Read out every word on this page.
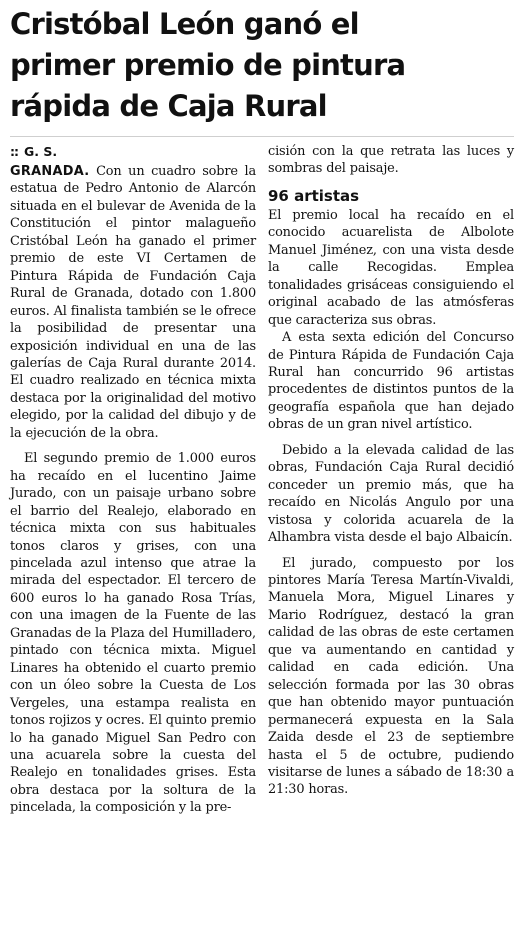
Cristóbal León ganó el
primer premio de pintura
rápida de Caja Rural
:: G. S.

GRANADA. Con un cuadro sobre la estatua de Pedro Antonio de Alarcón situada en el bulevar de Avenida de la Constitución el pintor malagueño Cristóbal León ha ganado el primer premio de este VI Certamen de Pintura Rápida de Fundación Caja Rural de Granada, dotado con 1.800 euros. Al finalista también se le ofrece la posibilidad de presentar una exposición individual en una de las galerías de Caja Rural durante 2014. El cuadro realizado en técnica mixta destaca por la originalidad del motivo elegido, por la calidad del dibujo y de la ejecución de la obra.

El segundo premio de 1.000 euros ha recaído en el lucentino Jaime Jurado, con un paisaje urbano sobre el barrio del Realejo, elaborado en técnica mixta con sus habituales tonos claros y grises, con una pincelada azul intenso que atrae la mirada del espectador. El tercero de 600 euros lo ha ganado Rosa Trías, con una imagen de la Fuente de las Granadas de la Plaza del Humilladero, pintado con técnica mixta. Miguel Linares ha obtenido el cuarto premio con un óleo sobre la Cuesta de Los Vergeles, una estampa realista en tonos rojizos y ocres. El quinto premio lo ha ganado Miguel San Pedro con una acuarela sobre la cuesta del Realejo en tonalidades grises. Esta obra destaca por la soltura de la pincelada, la composición y la pre-

cisión con la que retrata las luces y sombras del paisaje.

96 artistas

El premio local ha recaído en el conocido acuarelista de Albolote Manuel Jiménez, con una vista desde la calle Recogidas. Emplea tonalidades grisáceas consiguiendo el original acabado de las atmósferas que caracteriza sus obras.

A esta sexta edición del Concurso de Pintura Rápida de Fundación Caja Rural han concurrido 96 artistas procedentes de distintos puntos de la geografía española que han dejado obras de un gran nivel artístico.

Debido a la elevada calidad de las obras, Fundación Caja Rural decidió conceder un premio más, que ha recaído en Nicolás Angulo por una vistosa y colorida acuarela de la Alhambra vista desde el bajo Albaicín.

El jurado, compuesto por los pintores María Teresa Martín-Vivaldi, Manuela Mora, Miguel Linares y Mario Rodríguez, destacó la gran calidad de las obras de este certamen que va aumentando en cantidad y calidad en cada edición. Una selección formada por las 30 obras que han obtenido mayor puntuación permanecerá expuesta en la Sala Zaida desde el 23 de septiembre hasta el 5 de octubre, pudiendo visitarse de lunes a sábado de 18:30 a 21:30 horas.
